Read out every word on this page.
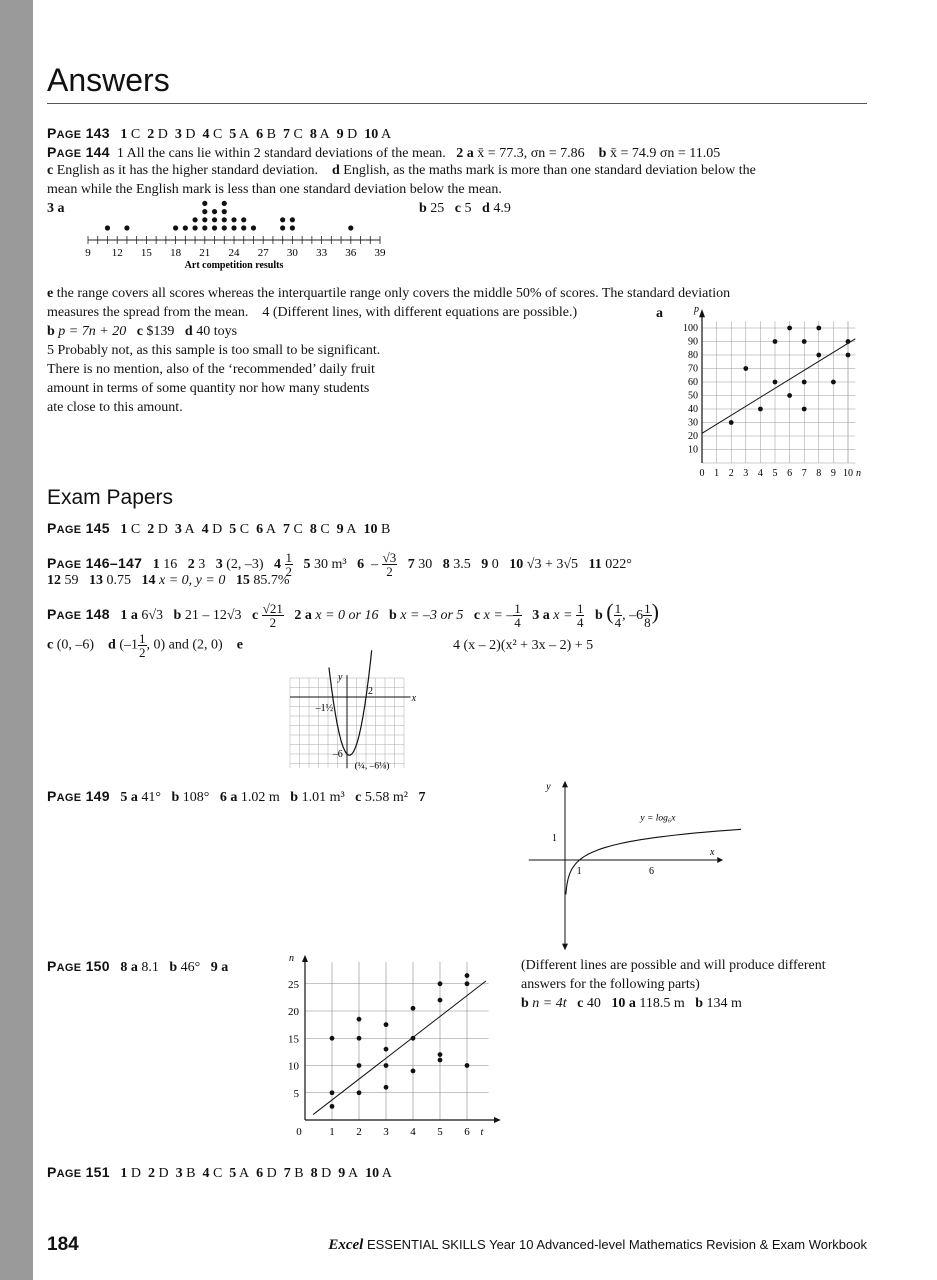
Answers
PAGE 143 1 C 2 D 3 D 4 C 5 A 6 B 7 C 8 A 9 D 10 A
PAGE 144 1 All the cans lie within 2 standard deviations of the mean. 2 a x̄ = 77.3, σn = 7.86 b x̄ = 74.9 σn = 11.05
c English as it has the higher standard deviation. d English, as the maths mark is more than one standard deviation below the
mean while the English mark is less than one standard deviation below the mean.
3 a	b 25 c 5 d 4.9
9 12 15 18 21 24 27 30 33 36 39
Art competition results
e the range covers all scores whereas the interquartile range only covers the middle 50% of scores. The standard deviation
measures the spread from the mean. 4 (Different lines, with different equations are possible.)	a
b p = 7n + 20 c $139 d 40 toys
5 Probably not, as this sample is too small to be significant.
There is no mention, also of the ‘recommended’ daily fruit
amount in terms of some quantity nor how many students
ate close to this amount.
p
100
90
80
70
60
50
40
30
20
10
0 1 2 3 4 5 6 7 8 9 10 n
Exam Papers
PAGE 145 1 C 2 D 3 A 4 D 5 C 6 A 7 C 8 C 9 A 10 B
PAGE 146–147 1 16 2 3 3 (2, –3) $4 \frac{1}{2} 5$ 30 m³ $6 - \frac{√3}{2} 7$ 30 8 3.5 9 0 10 √3 + 3√5 11 022°
12 59 13 0.75 14 x = 0, y = 0 15 85.7%
PAGE 148 1 a 6√3 b 21 – 12√3 c $\frac{√21}{2} 2$ a x = 0 or 16 b x = –3 or 5 c x = – $\frac{1}{4} 3$ a $x = \frac{1}{4}$ b ( $\frac{1}{4}$ , $-6 \frac{1}{8}$ )
c (0, –6) d ($-1 \frac{1}{2}$ , 0) and (2, 0) e	4 (x – 2)(x² + 3x – 2) + 5
x
y
2
–1½
–6
(¼, –6⅛)
PAGE 149 5 a 41° b 108° 6 a 1.02 m b 1.01 m³ c 5.58 m² 7
y
x
1
1	6
y = log₆x
PAGE 150 8 a 8.1 b 46° 9 a	(Different lines are possible and will produce different
answers for the following parts)
b n = 4t c 40 10 a 118.5 m b 134 m
n
t
25
20
15
10
5
0	1 2 3 4 5 6
PAGE 151 1 D 2 D 3 B 4 C 5 A 6 D 7 B 8 D 9 A 10 A
184	Excel ESSENTIAL SKILLS Year 10 Advanced-level Mathematics Revision & Exam Workbook
